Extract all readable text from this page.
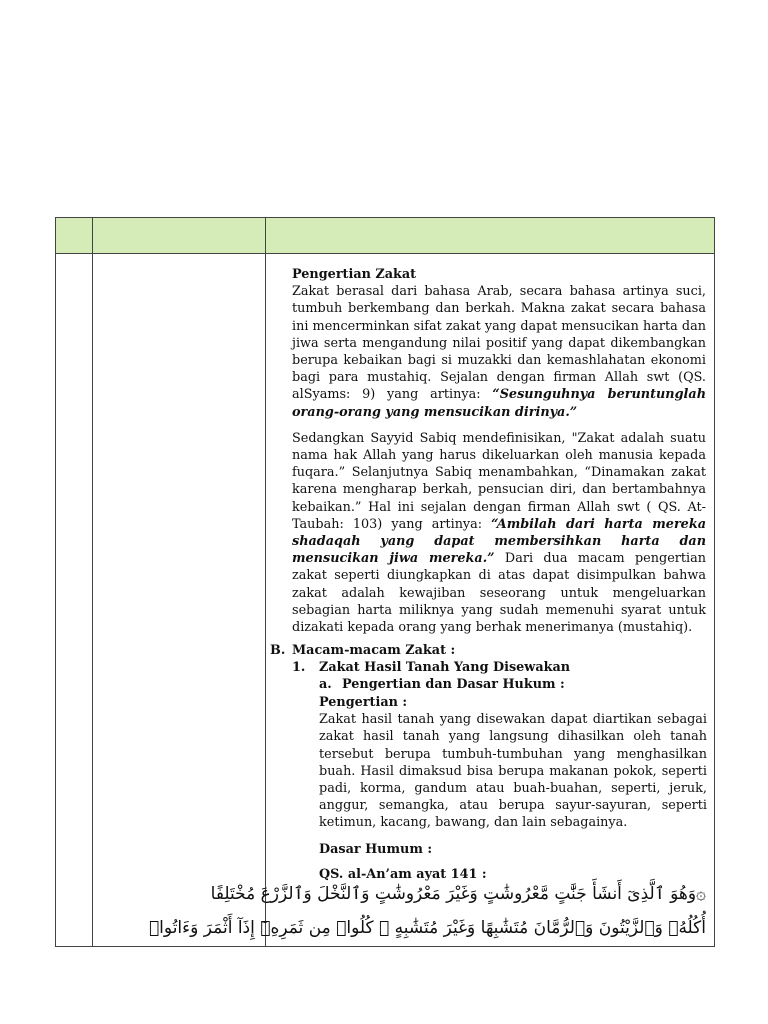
Pengertian Zakat

Zakat berasal dari bahasa Arab, secara bahasa artinya suci, tumbuh berkembang dan berkah. Makna zakat secara bahasa ini mencerminkan sifat zakat yang dapat mensucikan harta dan jiwa serta mengandung nilai positif yang dapat dikembangkan berupa kebaikan bagi si muzakki dan kemashlahatan ekonomi bagi para mustahiq. Sejalan dengan firman Allah swt (QS. alSyams: 9) yang artinya: “Sesunguhnya beruntunglah orang-orang yang mensucikan dirinya.”

Sedangkan Sayyid Sabiq mendefinisikan, "Zakat adalah suatu nama hak Allah yang harus dikeluarkan oleh manusia kepada fuqara.” Selanjutnya Sabiq menambahkan, “Dinamakan zakat karena mengharap berkah, pensucian diri, dan bertambahnya kebaikan.” Hal ini sejalan dengan firman Allah swt ( QS. At-Taubah: 103) yang artinya: “Ambilah dari harta mereka shadaqah yang dapat membersihkan harta dan mensucikan jiwa mereka.” Dari dua macam pengertian zakat seperti diungkapkan di atas dapat disimpulkan bahwa zakat adalah kewajiban seseorang untuk mengeluarkan sebagian harta miliknya yang sudah memenuhi syarat untuk dizakati kepada orang yang berhak menerimanya (mustahiq).

B. Macam-macam Zakat :
1. Zakat Hasil Tanah Yang Disewakan
a. Pengertian dan Dasar Hukum :

Pengertian :

Zakat hasil tanah yang disewakan dapat diartikan sebagai zakat hasil tanah yang langsung dihasilkan oleh tanah tersebut berupa tumbuh-tumbuhan yang menghasilkan buah. Hasil dimaksud bisa berupa makanan pokok, seperti padi, korma, gandum atau buah-buahan, seperti, jeruk, anggur, semangka, atau berupa sayur-sayuran, seperti ketimun, kacang, bawang, dan lain sebagainya.

Dasar Humum :

QS. al-An’am ayat 141 :

۞وَهُوَ ٱلَّذِىٓ أَنشَأَ جَنَّٰتٍ مَّعْرُوشَٰتٍ وَغَيْرَ مَعْرُوشَٰتٍ وَٱلنَّخْلَ وَٱلزَّرْعَ مُخْتَلِفًا
أُكُلُهُۥ وَٱلزَّيْتُونَ وَٱلرُّمَّانَ مُتَشَٰبِهًا وَغَيْرَ مُتَشَٰبِهٍ ۚ كُلُوا۟ مِن ثَمَرِهِۦٓ إِذَآ أَثْمَرَ وَءَاتُوا۟
